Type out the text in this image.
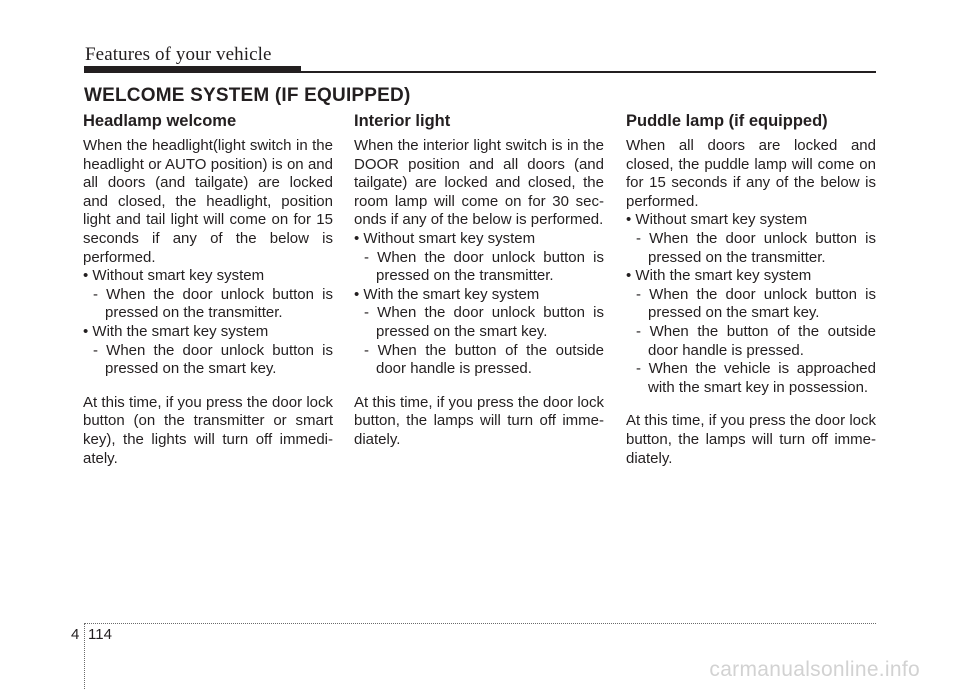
Features of your vehicle
WELCOME SYSTEM (IF EQUIPPED)
Headlamp welcome

When the headlight(light switch in the headlight or AUTO position) is on and all doors (and tailgate) are locked and closed, the headlight, position light and tail light will come on for 15 seconds if any of the below is performed.

• Without smart key system
- When the door unlock button is pressed on the transmitter.
• With the smart key system
- When the door unlock button is pressed on the smart key.

At this time, if you press the door lock button (on the transmitter or smart key), the lights will turn off immedi-ately.

Interior light

When the interior light switch is in the DOOR position and all doors (and tailgate) are locked and closed, the room lamp will come on for 30 sec-onds if any of the below is performed.

• Without smart key system
- When the door unlock button is pressed on the transmitter.
• With the smart key system
- When the door unlock button is pressed on the smart key.
- When the button of the outside door handle is pressed.

At this time, if you press the door lock button, the lamps will turn off imme-diately.

Puddle lamp (if equipped)

When all doors are locked and closed, the puddle lamp will come on for 15 seconds if any of the below is performed.

• Without smart key system
- When the door unlock button is pressed on the transmitter.
• With the smart key system
- When the door unlock button is pressed on the smart key.
- When the button of the outside door handle is pressed.
- When the vehicle is approached with the smart key in possession.

At this time, if you press the door lock button, the lamps will turn off imme-diately.

4 114
carmanualsonline.info
